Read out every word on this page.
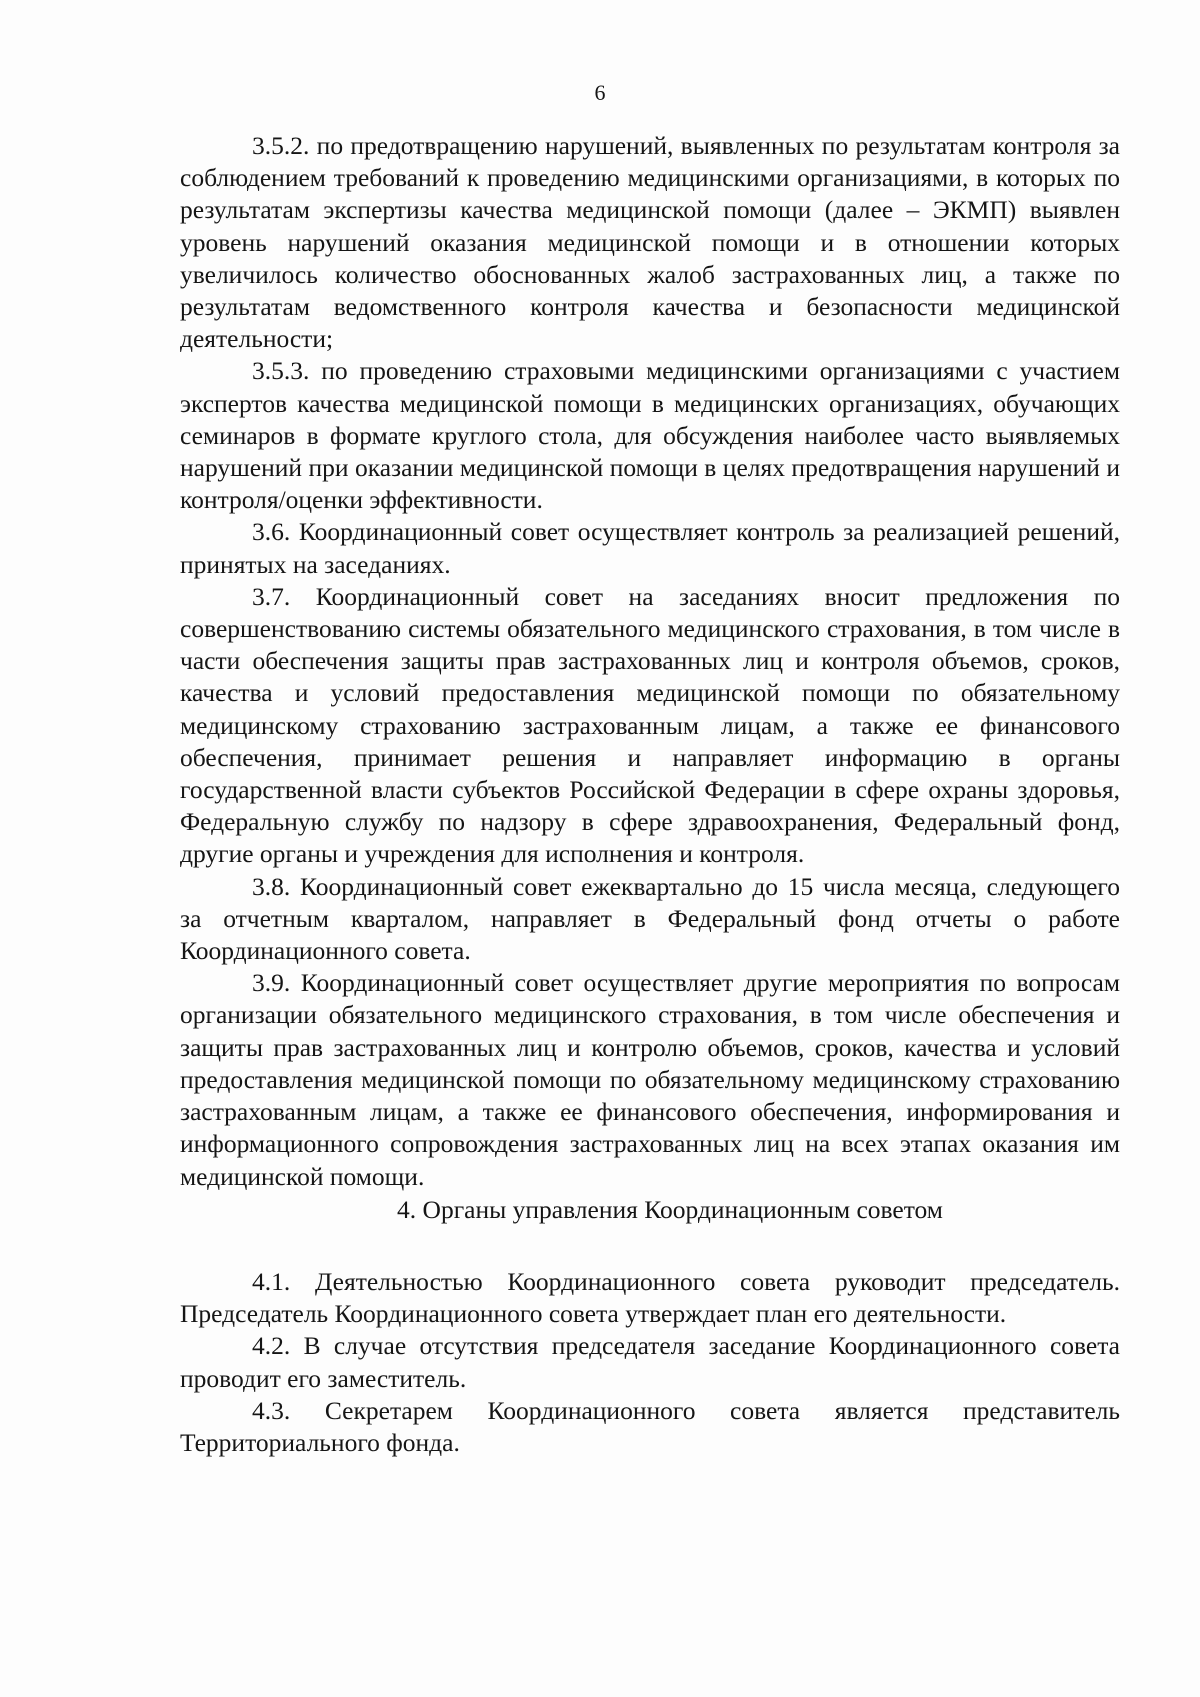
6

3.5.2. по предотвращению нарушений, выявленных по результатам контроля за соблюдением требований к проведению медицинскими организациями, в которых по результатам экспертизы качества медицинской помощи (далее – ЭКМП) выявлен уровень нарушений оказания медицинской помощи и в отношении которых увеличилось количество обоснованных жалоб застрахованных лиц, а также по результатам ведомственного контроля качества и безопасности медицинской деятельности;

3.5.3. по проведению страховыми медицинскими организациями с участием экспертов качества медицинской помощи в медицинских организациях, обучающих семинаров в формате круглого стола, для обсуждения наиболее часто выявляемых нарушений при оказании медицинской помощи в целях предотвращения нарушений и контроля/оценки эффективности.

3.6. Координационный совет осуществляет контроль за реализацией решений, принятых на заседаниях.

3.7. Координационный совет на заседаниях вносит предложения по совершенствованию системы обязательного медицинского страхования, в том числе в части обеспечения защиты прав застрахованных лиц и контроля объемов, сроков, качества и условий предоставления медицинской помощи по обязательному медицинскому страхованию застрахованным лицам, а также ее финансового обеспечения, принимает решения и направляет информацию в органы государственной власти субъектов Российской Федерации в сфере охраны здоровья, Федеральную службу по надзору в сфере здравоохранения, Федеральный фонд, другие органы и учреждения для исполнения и контроля.

3.8. Координационный совет ежеквартально до 15 числа месяца, следующего за отчетным кварталом, направляет в Федеральный фонд отчеты о работе Координационного совета.

3.9. Координационный совет осуществляет другие мероприятия по вопросам организации обязательного медицинского страхования, в том числе обеспечения и защиты прав застрахованных лиц и контролю объемов, сроков, качества и условий предоставления медицинской помощи по обязательному медицинскому страхованию застрахованным лицам, а также ее финансового обеспечения, информирования и информационного сопровождения застрахованных лиц на всех этапах оказания им медицинской помощи.

4. Органы управления Координационным советом

4.1. Деятельностью Координационного совета руководит председатель. Председатель Координационного совета утверждает план его деятельности.

4.2. В случае отсутствия председателя заседание Координационного совета проводит его заместитель.

4.3. Секретарем Координационного совета является представитель Территориального фонда.
